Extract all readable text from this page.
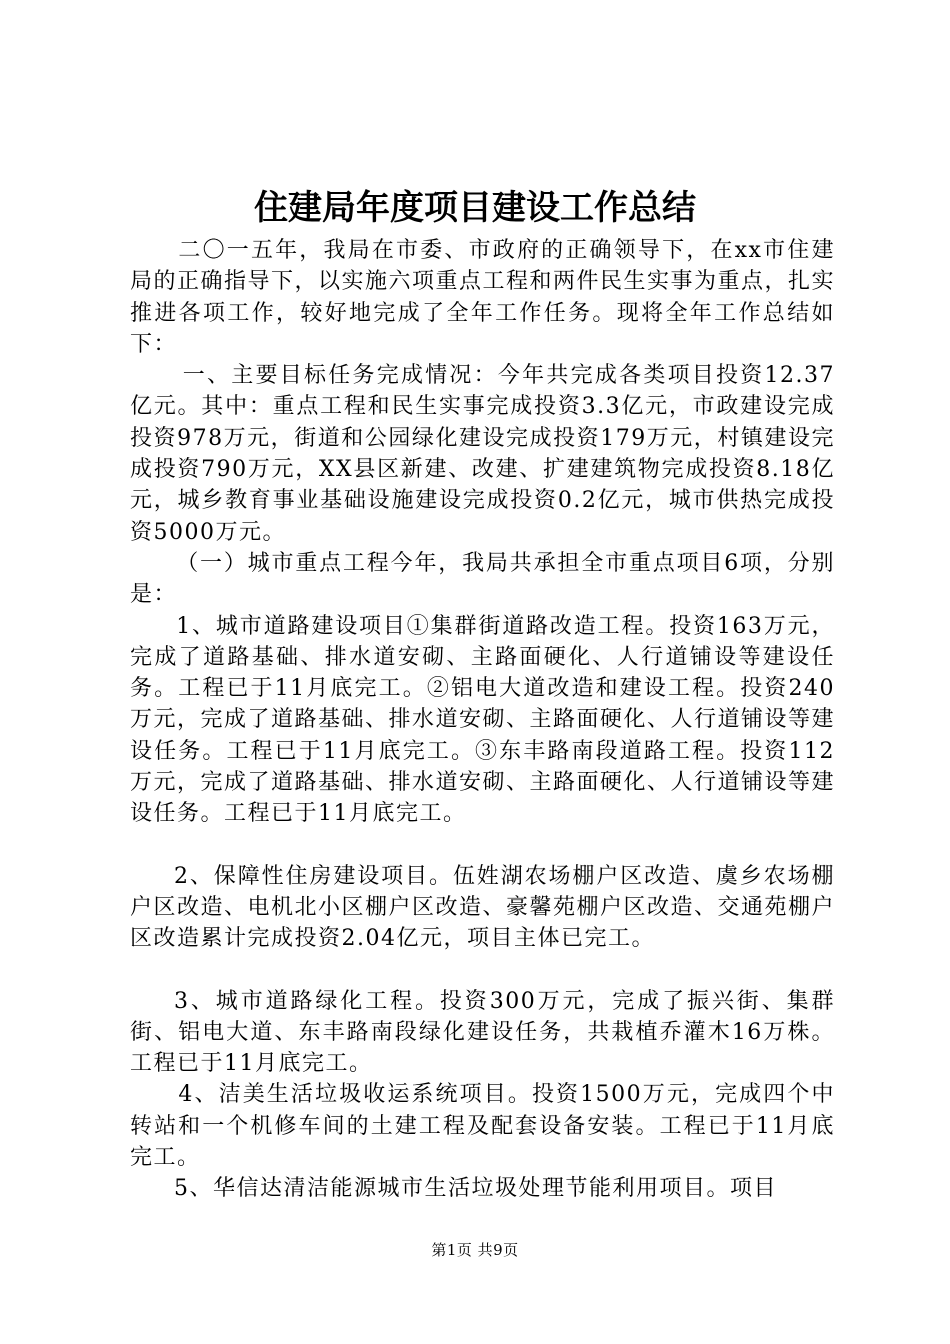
住建局年度项目建设工作总结

二〇一五年，我局在市委、市政府的正确领导下，在xx市住建局的正确指导下，以实施六项重点工程和两件民生实事为重点，扎实推进各项工作，较好地完成了全年工作任务。现将全年工作总结如下：

一、主要目标任务完成情况：今年共完成各类项目投资12.37亿元。其中：重点工程和民生实事完成投资3.3亿元，市政建设完成投资978万元，街道和公园绿化建设完成投资179万元，村镇建设完成投资790万元，XX县区新建、改建、扩建建筑物完成投资8.18亿元，城乡教育事业基础设施建设完成投资0.2亿元，城市供热完成投资5000万元。

（一）城市重点工程今年，我局共承担全市重点项目6项，分别是：

1、城市道路建设项目①集群街道路改造工程。投资163万元，完成了道路基础、排水道安砌、主路面硬化、人行道铺设等建设任务。工程已于11月底完工。②铝电大道改造和建设工程。投资240万元，完成了道路基础、排水道安砌、主路面硬化、人行道铺设等建设任务。工程已于11月底完工。③东丰路南段道路工程。投资112万元，完成了道路基础、排水道安砌、主路面硬化、人行道铺设等建设任务。工程已于11月底完工。

2、保障性住房建设项目。伍姓湖农场棚户区改造、虞乡农场棚户区改造、电机北小区棚户区改造、豪馨苑棚户区改造、交通苑棚户区改造累计完成投资2.04亿元，项目主体已完工。

3、城市道路绿化工程。投资300万元，完成了振兴街、集群街、铝电大道、东丰路南段绿化建设任务，共栽植乔灌木16万株。工程已于11月底完工。

4、洁美生活垃圾收运系统项目。投资1500万元，完成四个中转站和一个机修车间的土建工程及配套设备安装。工程已于11月底完工。

5、华信达清洁能源城市生活垃圾处理节能利用项目。项目

第1页 共9页
